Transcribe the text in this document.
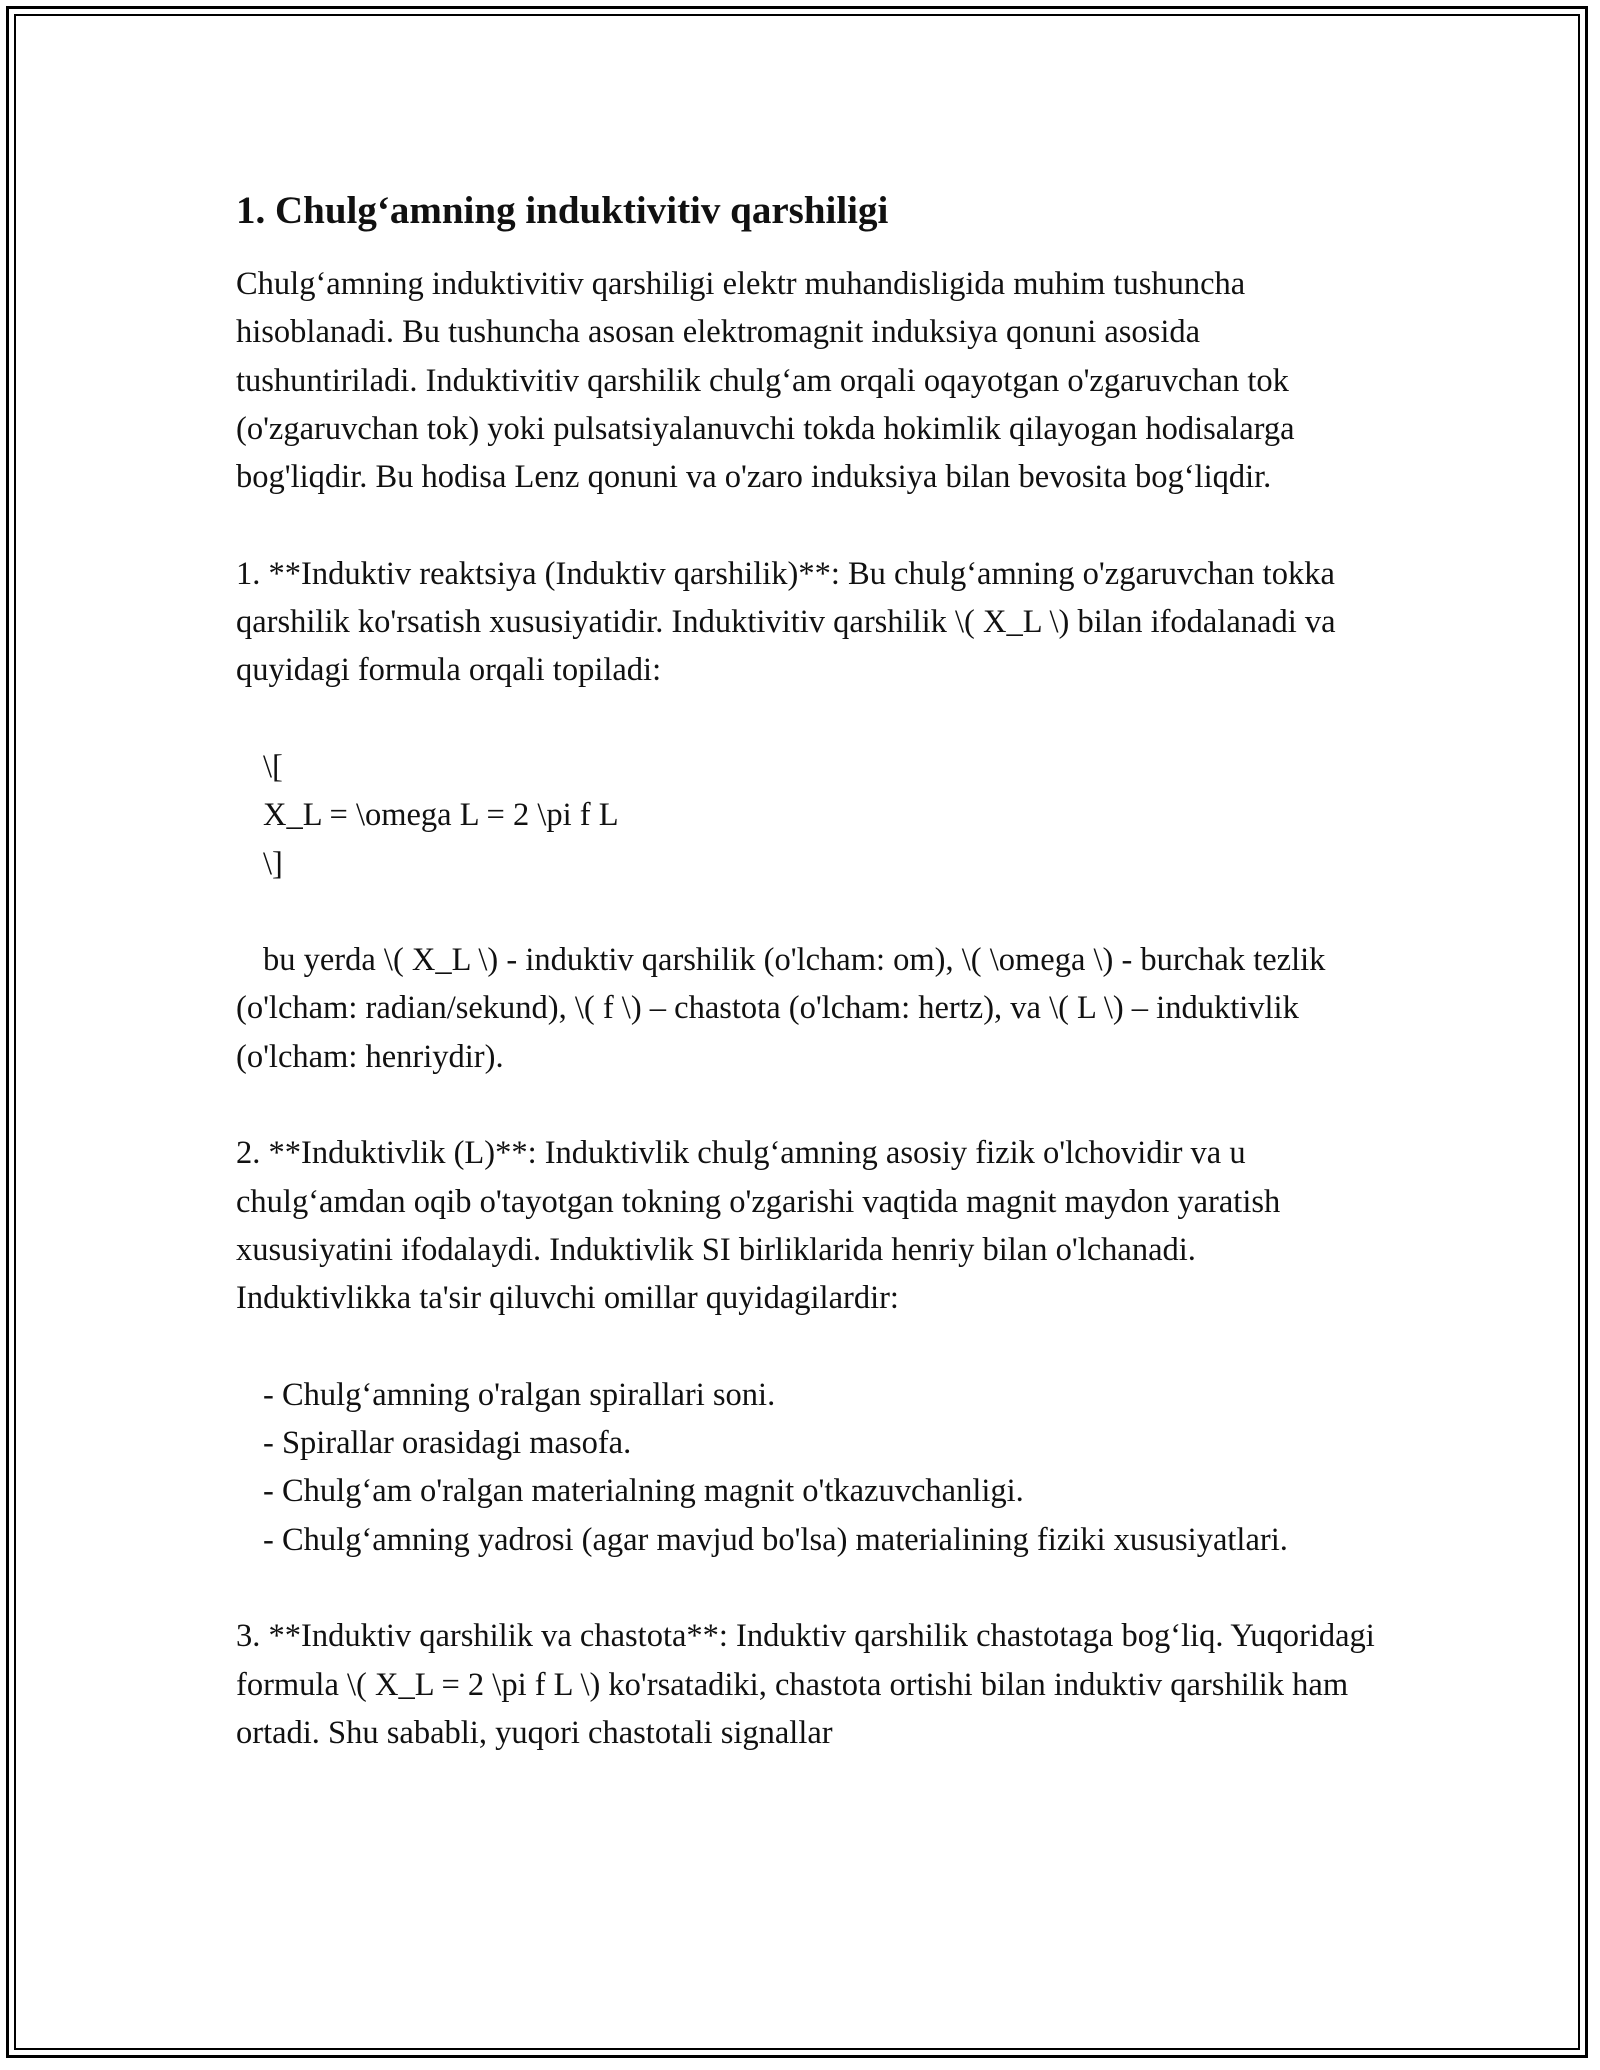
1. Chulg‘amning induktivitiv qarshiligi

Chulg‘amning induktivitiv qarshiligi elektr muhandisligida muhim tushuncha hisoblanadi. Bu tushuncha asosan elektromagnit induksiya qonuni asosida tushuntiriladi. Induktivitiv qarshilik chulg‘am orqali oqayotgan o'zgaruvchan tok (o'zgaruvchan tok) yoki pulsatsiyalanuvchi tokda hokimlik qilayogan hodisalarga bog'liqdir. Bu hodisa Lenz qonuni va o'zaro induksiya bilan bevosita bog‘liqdir.

1. **Induktiv reaktsiya (Induktiv qarshilik)**: Bu chulg‘amning o'zgaruvchan tokka qarshilik ko'rsatish xususiyatidir. Induktivitiv qarshilik \( X_L \) bilan ifodalanadi va quyidagi formula orqali topiladi:

\[

X_L = \omega L = 2 \pi f L

\]

bu yerda \( X_L \) - induktiv qarshilik (o'lcham: om), \( \omega \) - burchak tezlik (o'lcham: radian/sekund), \( f \) – chastota (o'lcham: hertz), va \( L \) – induktivlik (o'lcham: henriydir).

2. **Induktivlik (L)**: Induktivlik chulg‘amning asosiy fizik o'lchovidir va u chulg‘amdan oqib o'tayotgan tokning o'zgarishi vaqtida magnit maydon yaratish xususiyatini ifodalaydi. Induktivlik SI birliklarida henriy bilan o'lchanadi. Induktivlikka ta'sir qiluvchi omillar quyidagilardir:

- Chulg‘amning o'ralgan spirallari soni.

- Spirallar orasidagi masofa.

- Chulg‘am o'ralgan materialning magnit o'tkazuvchanligi.

- Chulg‘amning yadrosi (agar mavjud bo'lsa) materialining fiziki xususiyatlari.

3. **Induktiv qarshilik va chastota**: Induktiv qarshilik chastotaga bog‘liq. Yuqoridagi formula \( X_L = 2 \pi f L \) ko'rsatadiki, chastota ortishi bilan induktiv qarshilik ham ortadi. Shu sababli, yuqori chastotali signallar
